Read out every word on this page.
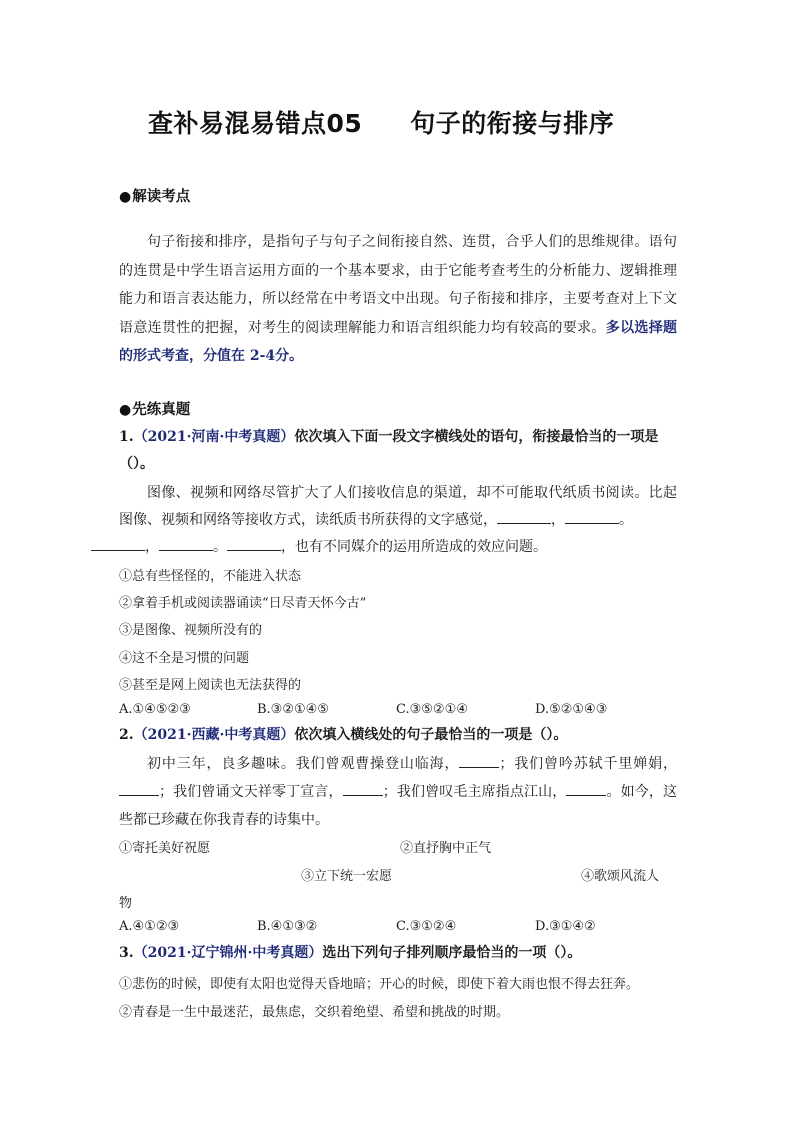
查补易混易错点05 句子的衔接与排序
●解读考点
句子衔接和排序，是指句子与句子之间衔接自然、连贯，合乎人们的思维规律。语句的连贯是中学生语言运用方面的一个基本要求，由于它能考查考生的分析能力、逻辑推理能力和语言表达能力，所以经常在中考语文中出现。句子衔接和排序，主要考查对上下文语意连贯性的把握，对考生的阅读理解能力和语言组织能力均有较高的要求。多以选择题的形式考查，分值在 2-4分。
●先练真题
1.（2021·河南·中考真题）依次填入下面一段文字横线处的语句，衔接最恰当的一项是（）。
图像、视频和网络尽管扩大了人们接收信息的渠道，却不可能取代纸质书阅读。比起图像、视频和网络等接收方式，读纸质书所获得的文字感觉，	，	。
，	。	，也有不同媒介的运用所造成的效应问题。
①总有些怪怪的，不能进入状态
②拿着手机或阅读器诵读“日尽青天怀今古”
③是图像、视频所没有的
④这不全是习惯的问题
⑤甚至是网上阅读也无法获得的
A.①④⑤②③	B.③②①④⑤	C.③⑤②①④	D.⑤②①④③
2.（2021·西藏·中考真题）依次填入横线处的句子最恰当的一项是（）。
初中三年，良多趣味。我们曾观曹操登山临海，	；我们曾吟苏轼千里婵娟，；我们曾诵文天祥零丁宣言，	；我们曾叹毛主席指点江山，	。如今，这些都已珍藏在你我青春的诗集中。
①寄托美好祝愿	②直抒胸中正气
③立下统一宏愿	④歌颂风流人
物
A.④①②③	B.④①③②	C.③①②④	D.③①④②
3.（2021·辽宁锦州·中考真题）选出下列句子排列顺序最恰当的一项（）。
①悲伤的时候，即使有太阳也觉得天昏地暗；开心的时候，即使下着大雨也恨不得去狂奔。
②青春是一生中最迷茫，最焦虑，交织着绝望、希望和挑战的时期。
